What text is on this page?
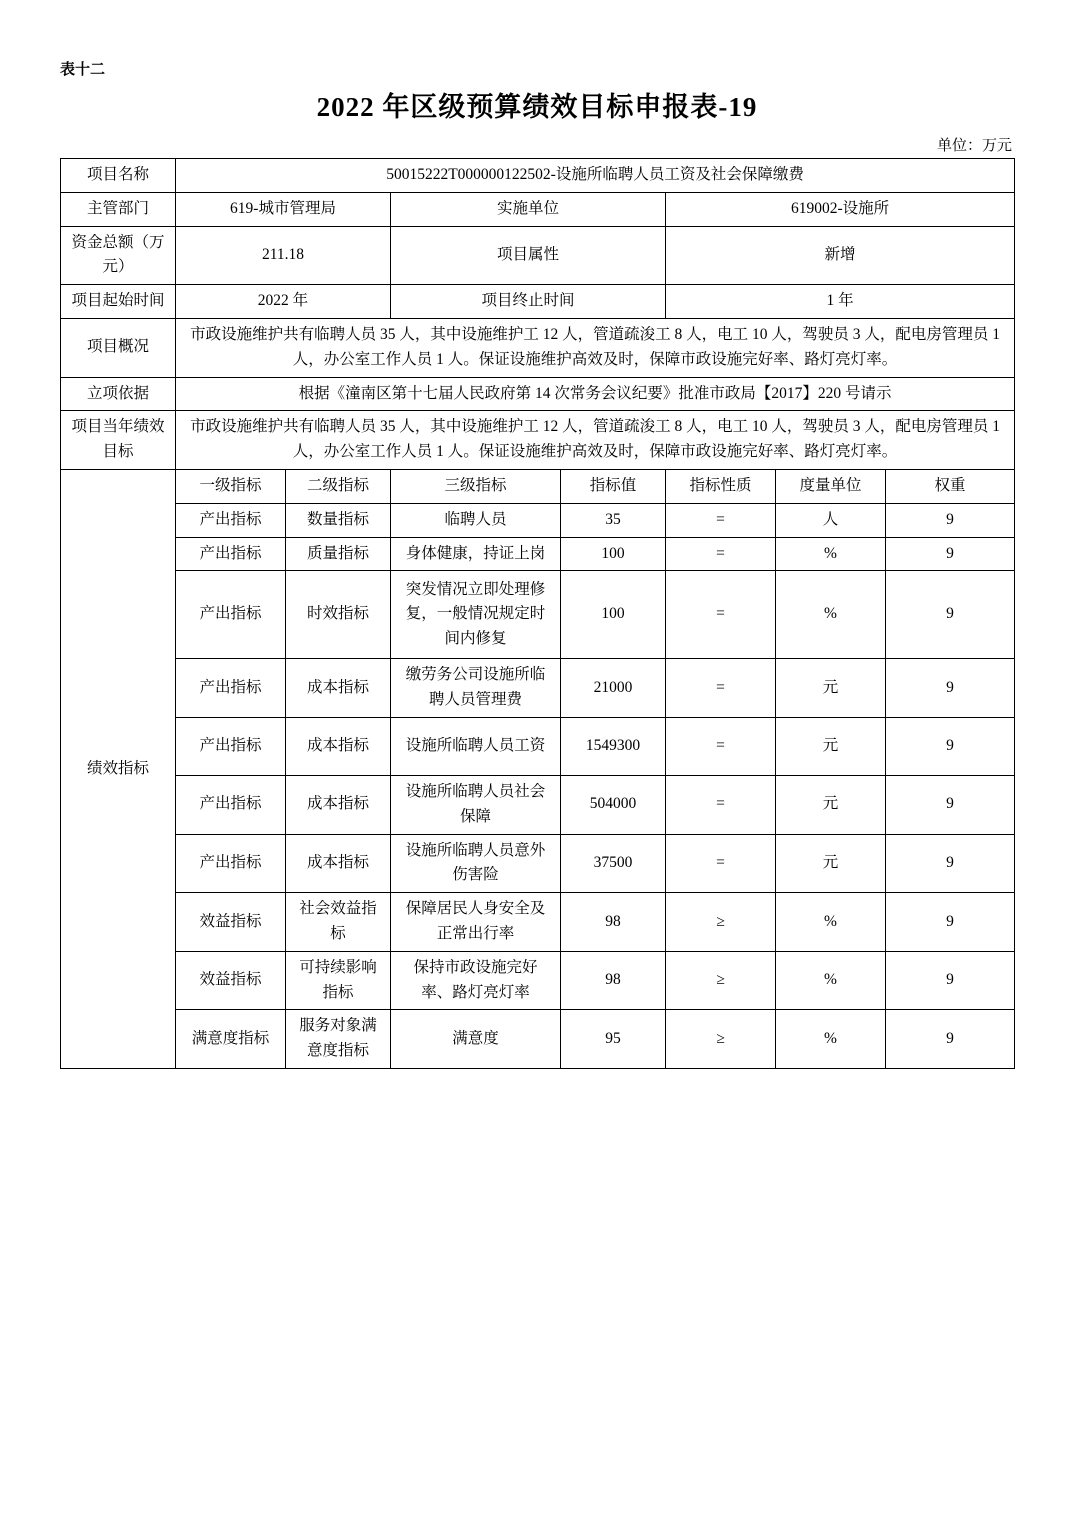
表十二
2022 年区级预算绩效目标申报表-19
单位：万元
项目名称	50015222T000000122502-设施所临聘人员工资及社会保障缴费						
主管部门	619-城市管理局		实施单位		619002-设施所		
资金总额（万元）	211.18		项目属性		新增		
项目起始时间	2022 年		项目终止时间		1 年		
项目概况	市政设施维护共有临聘人员 35 人，其中设施维护工 12 人，管道疏浚工 8 人，电工 10 人，驾驶员 3 人，配电房管理员 1 人，办公室工作人员 1 人。保证设施维护高效及时，保障市政设施完好率、路灯亮灯率。						
立项依据	根据《潼南区第十七届人民政府第 14 次常务会议纪要》批准市政局【2017】220 号请示						
项目当年绩效目标	市政设施维护共有临聘人员 35 人，其中设施维护工 12 人，管道疏浚工 8 人，电工 10 人，驾驶员 3 人，配电房管理员 1 人，办公室工作人员 1 人。保证设施维护高效及时，保障市政设施完好率、路灯亮灯率。						
绩效指标	一级指标	二级指标	三级指标	指标值	指标性质	度量单位	权重
	产出指标	数量指标	临聘人员	35	=	人	9
	产出指标	质量指标	身体健康，持证上岗	100	=	%	9
	产出指标	时效指标	突发情况立即处理修复，一般情况规定时间内修复	100	=	%	9
	产出指标	成本指标	缴劳务公司设施所临聘人员管理费	21000	=	元	9
	产出指标	成本指标	设施所临聘人员工资	1549300	=	元	9
	产出指标	成本指标	设施所临聘人员社会保障	504000	=	元	9
	产出指标	成本指标	设施所临聘人员意外伤害险	37500	=	元	9
	效益指标	社会效益指标	保障居民人身安全及正常出行率	98	≥	%	9
	效益指标	可持续影响指标	保持市政设施完好率、路灯亮灯率	98	≥	%	9
	满意度指标	服务对象满意度指标	满意度	95	≥	%	9
